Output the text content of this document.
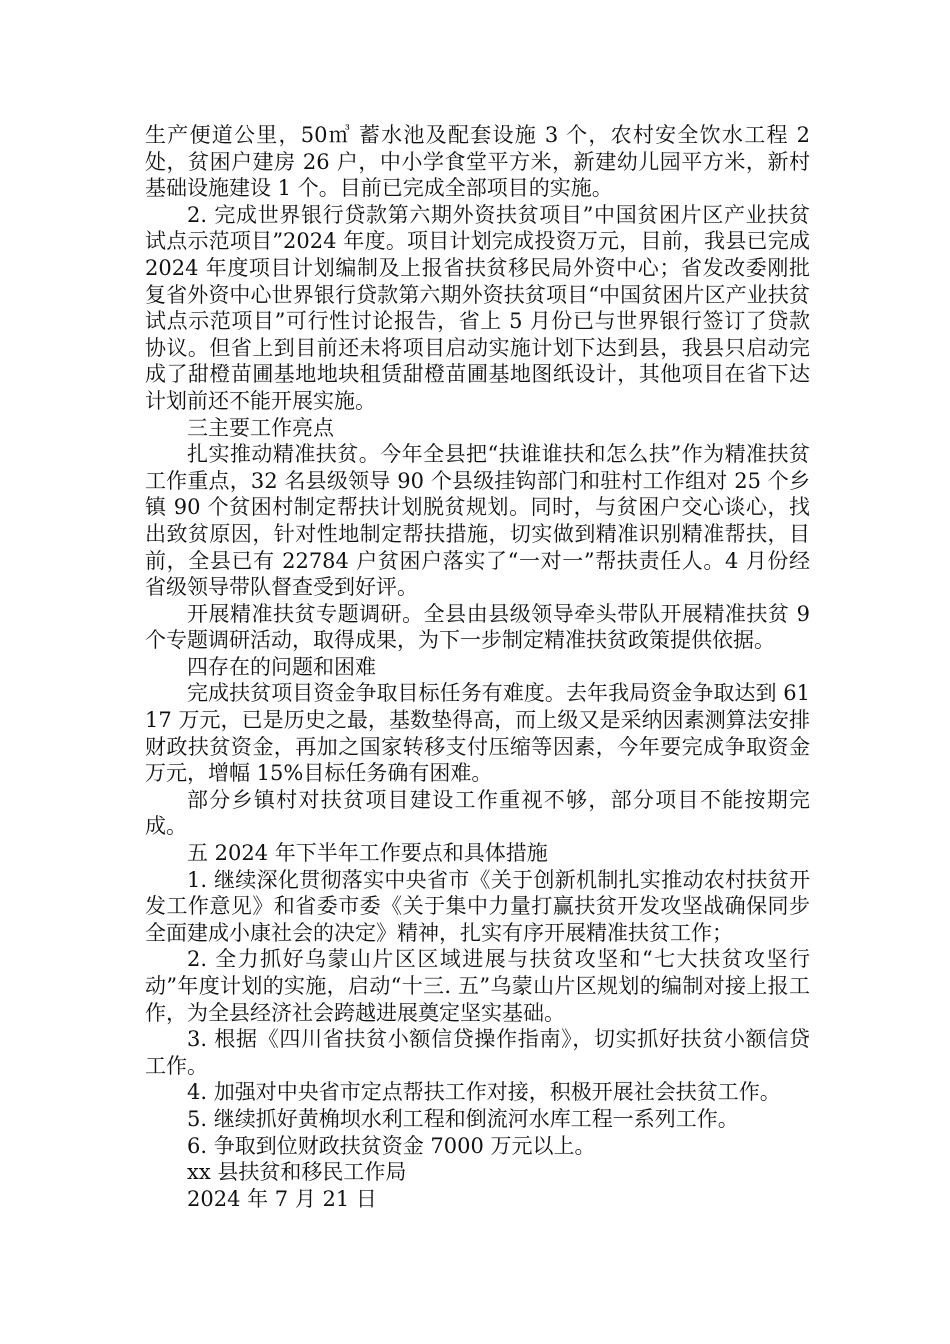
生产便道公里，50㎥ 蓄水池及配套设施 3 个，农村安全饮水工程 2 处，贫困户建房 26 户，中小学食堂平方米，新建幼儿园平方米，新村基础设施建设 1 个。目前已完成全部项目的实施。

2. 完成世界银行贷款第六期外资扶贫项目”中国贫困片区产业扶贫试点示范项目”2024 年度。项目计划完成投资万元，目前，我县已完成 2024 年度项目计划编制及上报省扶贫移民局外资中心；省发改委刚批复省外资中心世界银行贷款第六期外资扶贫项目“中国贫困片区产业扶贫试点示范项目”可行性讨论报告，省上 5 月份已与世界银行签订了贷款协议。但省上到目前还未将项目启动实施计划下达到县，我县只启动完成了甜橙苗圃基地地块租赁甜橙苗圃基地图纸设计，其他项目在省下达计划前还不能开展实施。

三主要工作亮点

扎实推动精准扶贫。今年全县把“扶谁谁扶和怎么扶”作为精准扶贫工作重点，32 名县级领导 90 个县级挂钩部门和驻村工作组对 25 个乡镇 90 个贫困村制定帮扶计划脱贫规划。同时，与贫困户交心谈心，找出致贫原因，针对性地制定帮扶措施，切实做到精准识别精准帮扶，目前，全县已有 22784 户贫困户落实了“一对一”帮扶责任人。4 月份经省级领导带队督查受到好评。

开展精准扶贫专题调研。全县由县级领导牵头带队开展精准扶贫 9 个专题调研活动，取得成果，为下一步制定精准扶贫政策提供依据。

四存在的问题和困难

完成扶贫项目资金争取目标任务有难度。去年我局资金争取达到 6117 万元，已是历史之最，基数垫得高，而上级又是采纳因素测算法安排财政扶贫资金，再加之国家转移支付压缩等因素，今年要完成争取资金万元，增幅 15%目标任务确有困难。

部分乡镇村对扶贫项目建设工作重视不够，部分项目不能按期完成。

五 2024 年下半年工作要点和具体措施

1. 继续深化贯彻落实中央省市《关于创新机制扎实推动农村扶贫开发工作意见》和省委市委《关于集中力量打赢扶贫开发攻坚战确保同步全面建成小康社会的决定》精神，扎实有序开展精准扶贫工作；

2. 全力抓好乌蒙山片区区域进展与扶贫攻坚和“七大扶贫攻坚行动”年度计划的实施，启动“十三. 五”乌蒙山片区规划的编制对接上报工作，为全县经济社会跨越进展奠定坚实基础。

3. 根据《四川省扶贫小额信贷操作指南》，切实抓好扶贫小额信贷工作。

4. 加强对中央省市定点帮扶工作对接，积极开展社会扶贫工作。

5. 继续抓好黄桷坝水利工程和倒流河水库工程一系列工作。

6. 争取到位财政扶贫资金 7000 万元以上。

xx 县扶贫和移民工作局

2024 年 7 月 21 日
